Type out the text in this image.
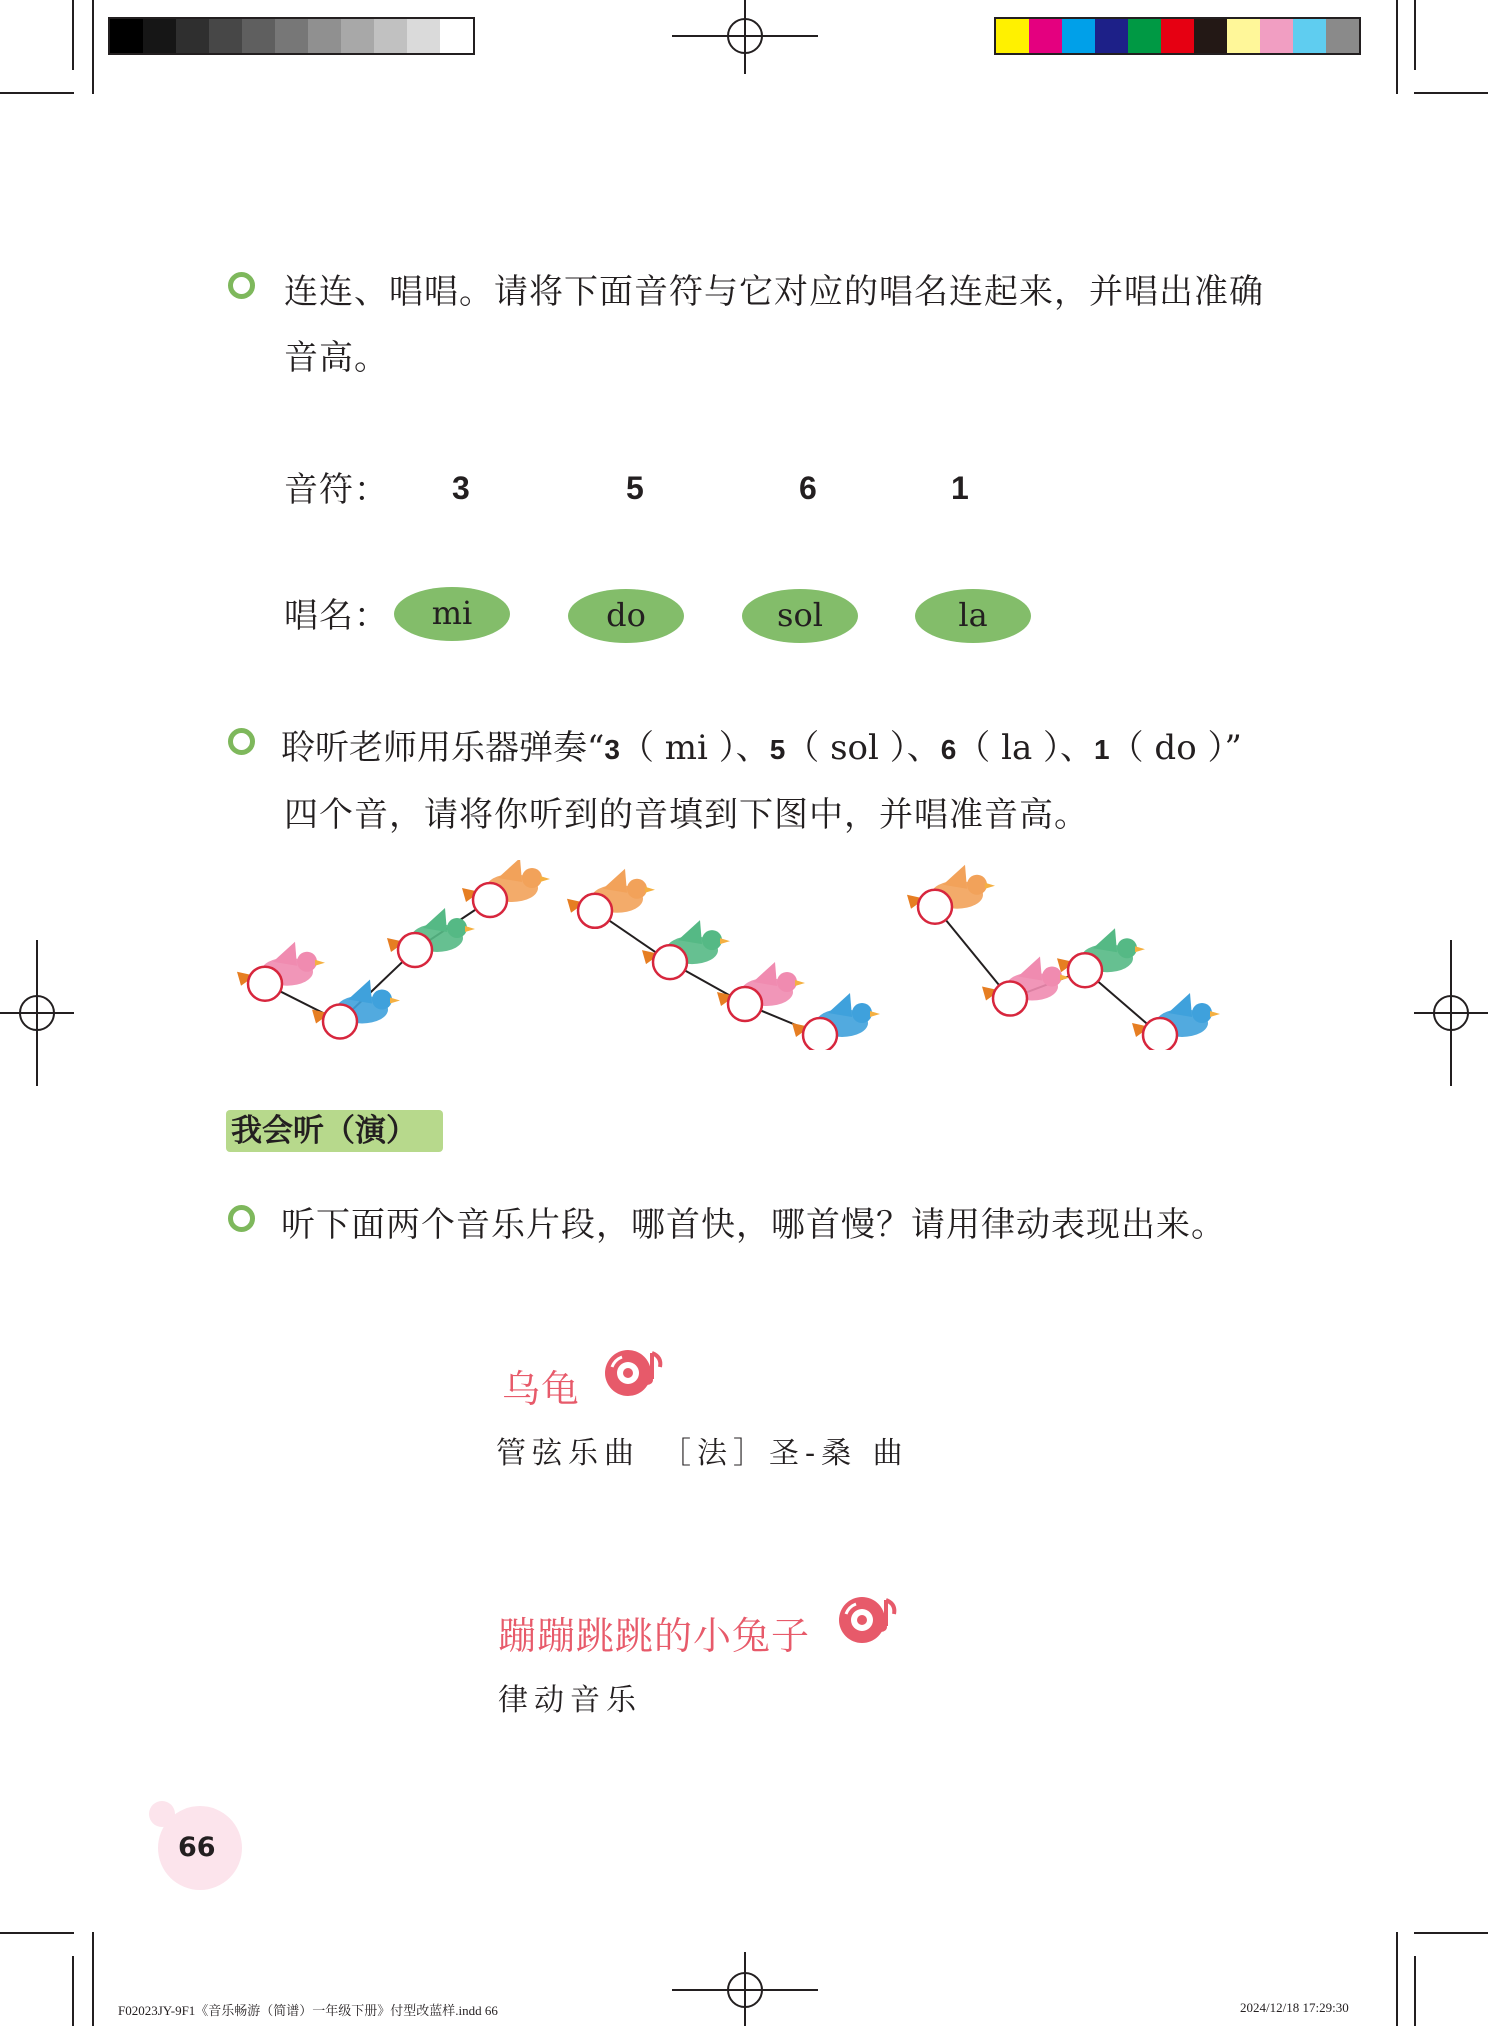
连连、唱唱。请将下面音符与它对应的唱名连起来，并唱出准确
音高。
音符： 3	5	6	1
唱名：	mi	do	sol	la
聆听老师用乐器弹奏“3（ mi ）、5（ sol ）、6（ la ）、1（ do ）”
四个音，请将你听到的音填到下图中，并唱准音高。
我会听（演）
听下面两个音乐片段，哪首快，哪首慢？请用律动表现出来。
乌龟
管弦乐曲　［法］圣-桑 曲
蹦蹦跳跳的小兔子
律动音乐
66
F02023JY-9F1《音乐畅游（简谱）一年级下册》付型改蓝样.indd 66	2024/12/18 17:29:30
